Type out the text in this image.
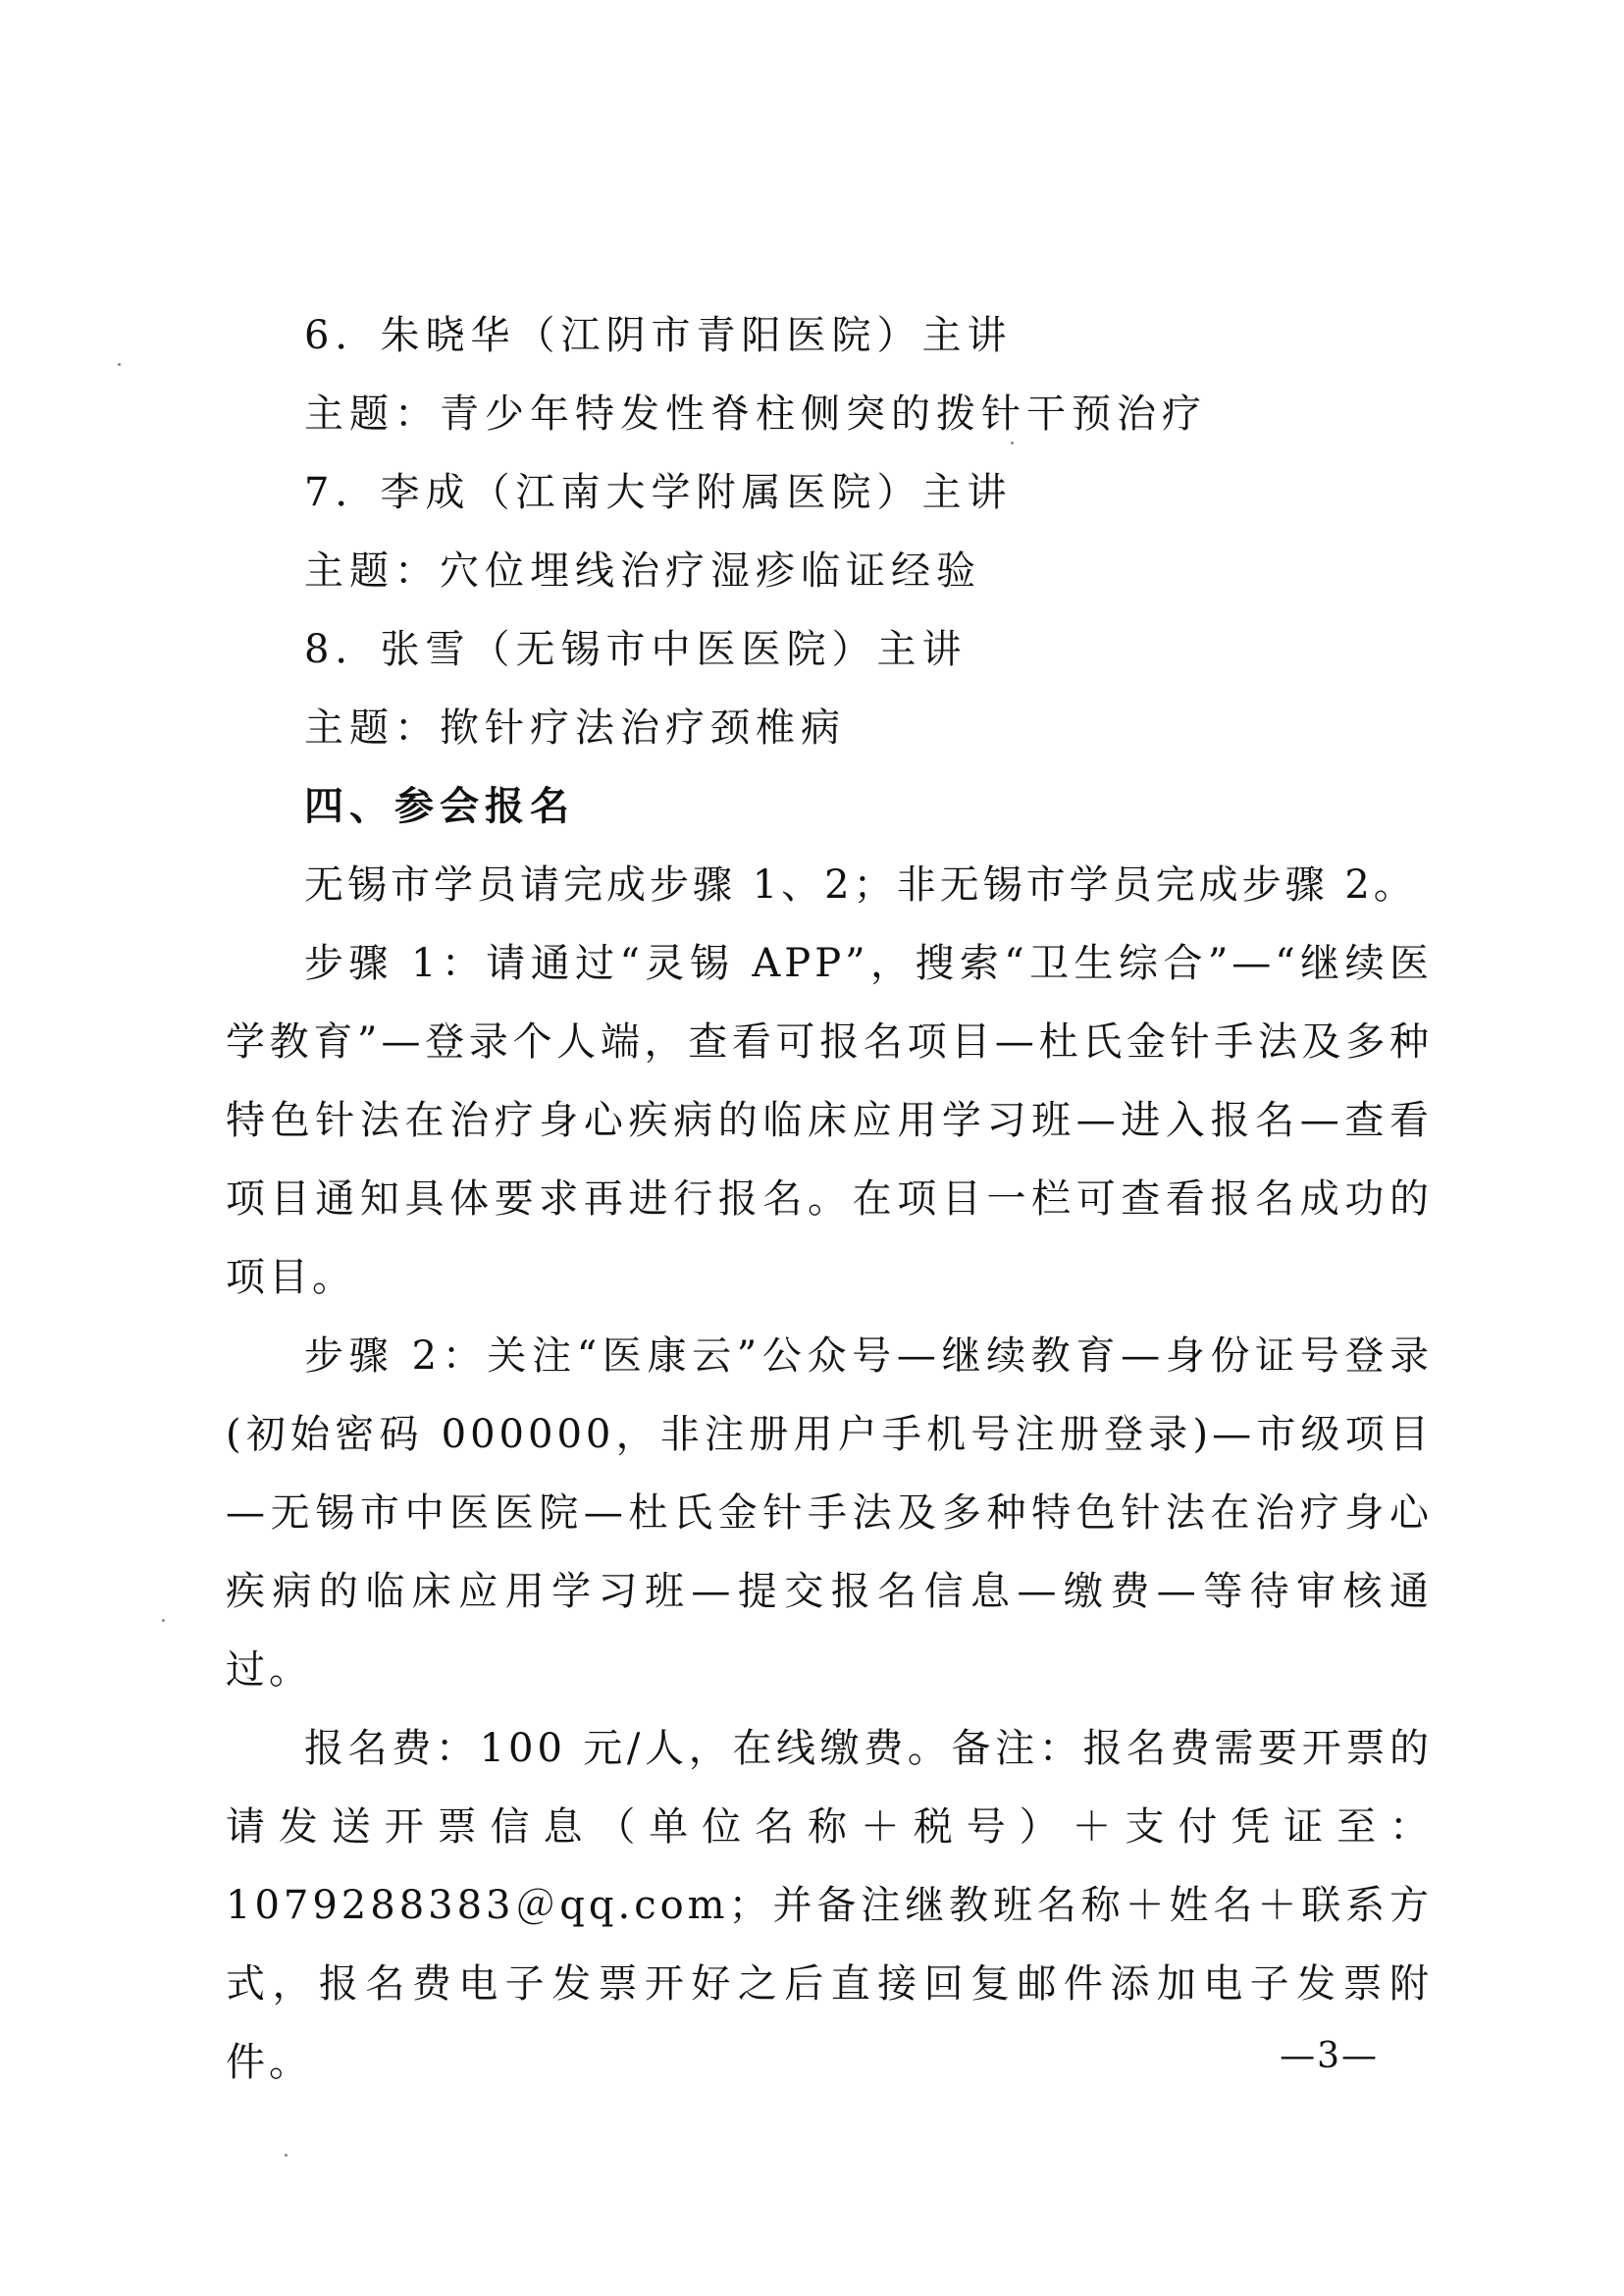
6．朱晓华（江阴市青阳医院）主讲
主题：青少年特发性脊柱侧突的拨针干预治疗
7．李成（江南大学附属医院）主讲
主题：穴位埋线治疗湿疹临证经验
8．张雪（无锡市中医医院）主讲
主题：揿针疗法治疗颈椎病
四、参会报名
无锡市学员请完成步骤 1、2；非无锡市学员完成步骤 2。
步骤 1：请通过“灵锡 APP”，搜索“卫生综合”—“继续医学教育”—登录个人端，查看可报名项目—杜氏金针手法及多种特色针法在治疗身心疾病的临床应用学习班—进入报名—查看项目通知具体要求再进行报名。在项目一栏可查看报名成功的项目。
步骤 2：关注“医康云”公众号—继续教育—身份证号登录(初始密码 000000，非注册用户手机号注册登录)—市级项目—无锡市中医医院—杜氏金针手法及多种特色针法在治疗身心疾病的临床应用学习班—提交报名信息—缴费—等待审核通过。
报名费：100 元/人，在线缴费。备注：报名费需要开票的请发送开票信息（单位名称＋税号）＋支付凭证至：1079288383＠qq.com；并备注继教班名称＋姓名＋联系方式，报名费电子发票开好之后直接回复邮件添加电子发票附件。	—3—
